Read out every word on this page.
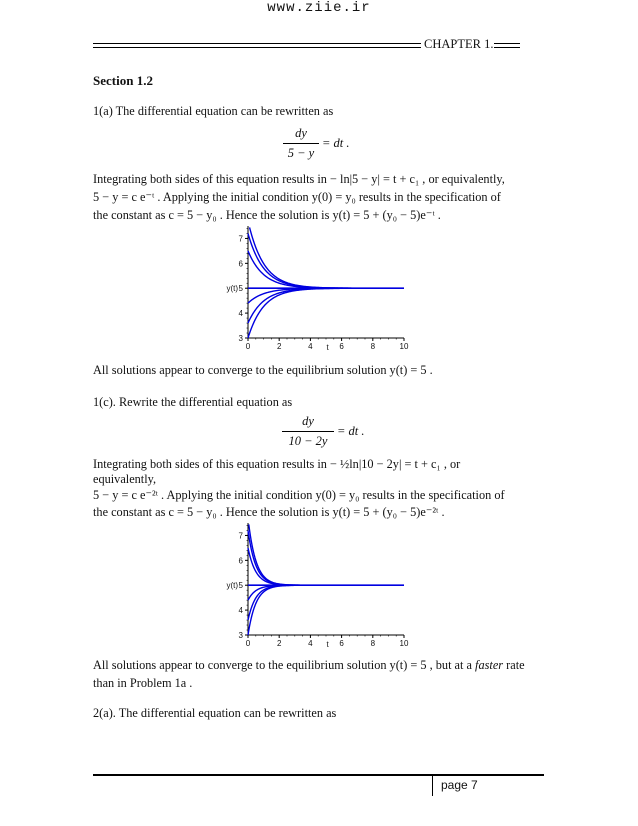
www.ziie.ir
CHAPTER 1.
Section 1.2
1(a) The differential equation can be rewritten as
dy
5 − y
= dt .
Integrating both sides of this equation results in − ln|5 − y| = t + c₁ , or equivalently,
5 − y = c e⁻ᵗ . Applying the initial condition y(0) = y₀ results in the specification of
the constant as c = 5 − y₀ . Hence the solution is y(t) = 5 + (y₀ − 5)e⁻ᵗ .
3
4
5
6
7
0	2	4	6	8	10
t
y(t)
All solutions appear to converge to the equilibrium solution y(t) = 5 .
1(c). Rewrite the differential equation as
dy
10 − 2y
= dt .
Integrating both sides of this equation results in − ½ln|10 − 2y| = t + c₁ , or
equivalently,
5 − y = c e⁻²ᵗ . Applying the initial condition y(0) = y₀ results in the specification of
the constant as c = 5 − y₀ . Hence the solution is y(t) = 5 + (y₀ − 5)e⁻²ᵗ .
3
4
5
6
7
0	2	4	6	8	10
t
y(t)
All solutions appear to converge to the equilibrium solution y(t) = 5 , but at a faster rate
than in Problem 1a .
2(a). The differential equation can be rewritten as
page 7
